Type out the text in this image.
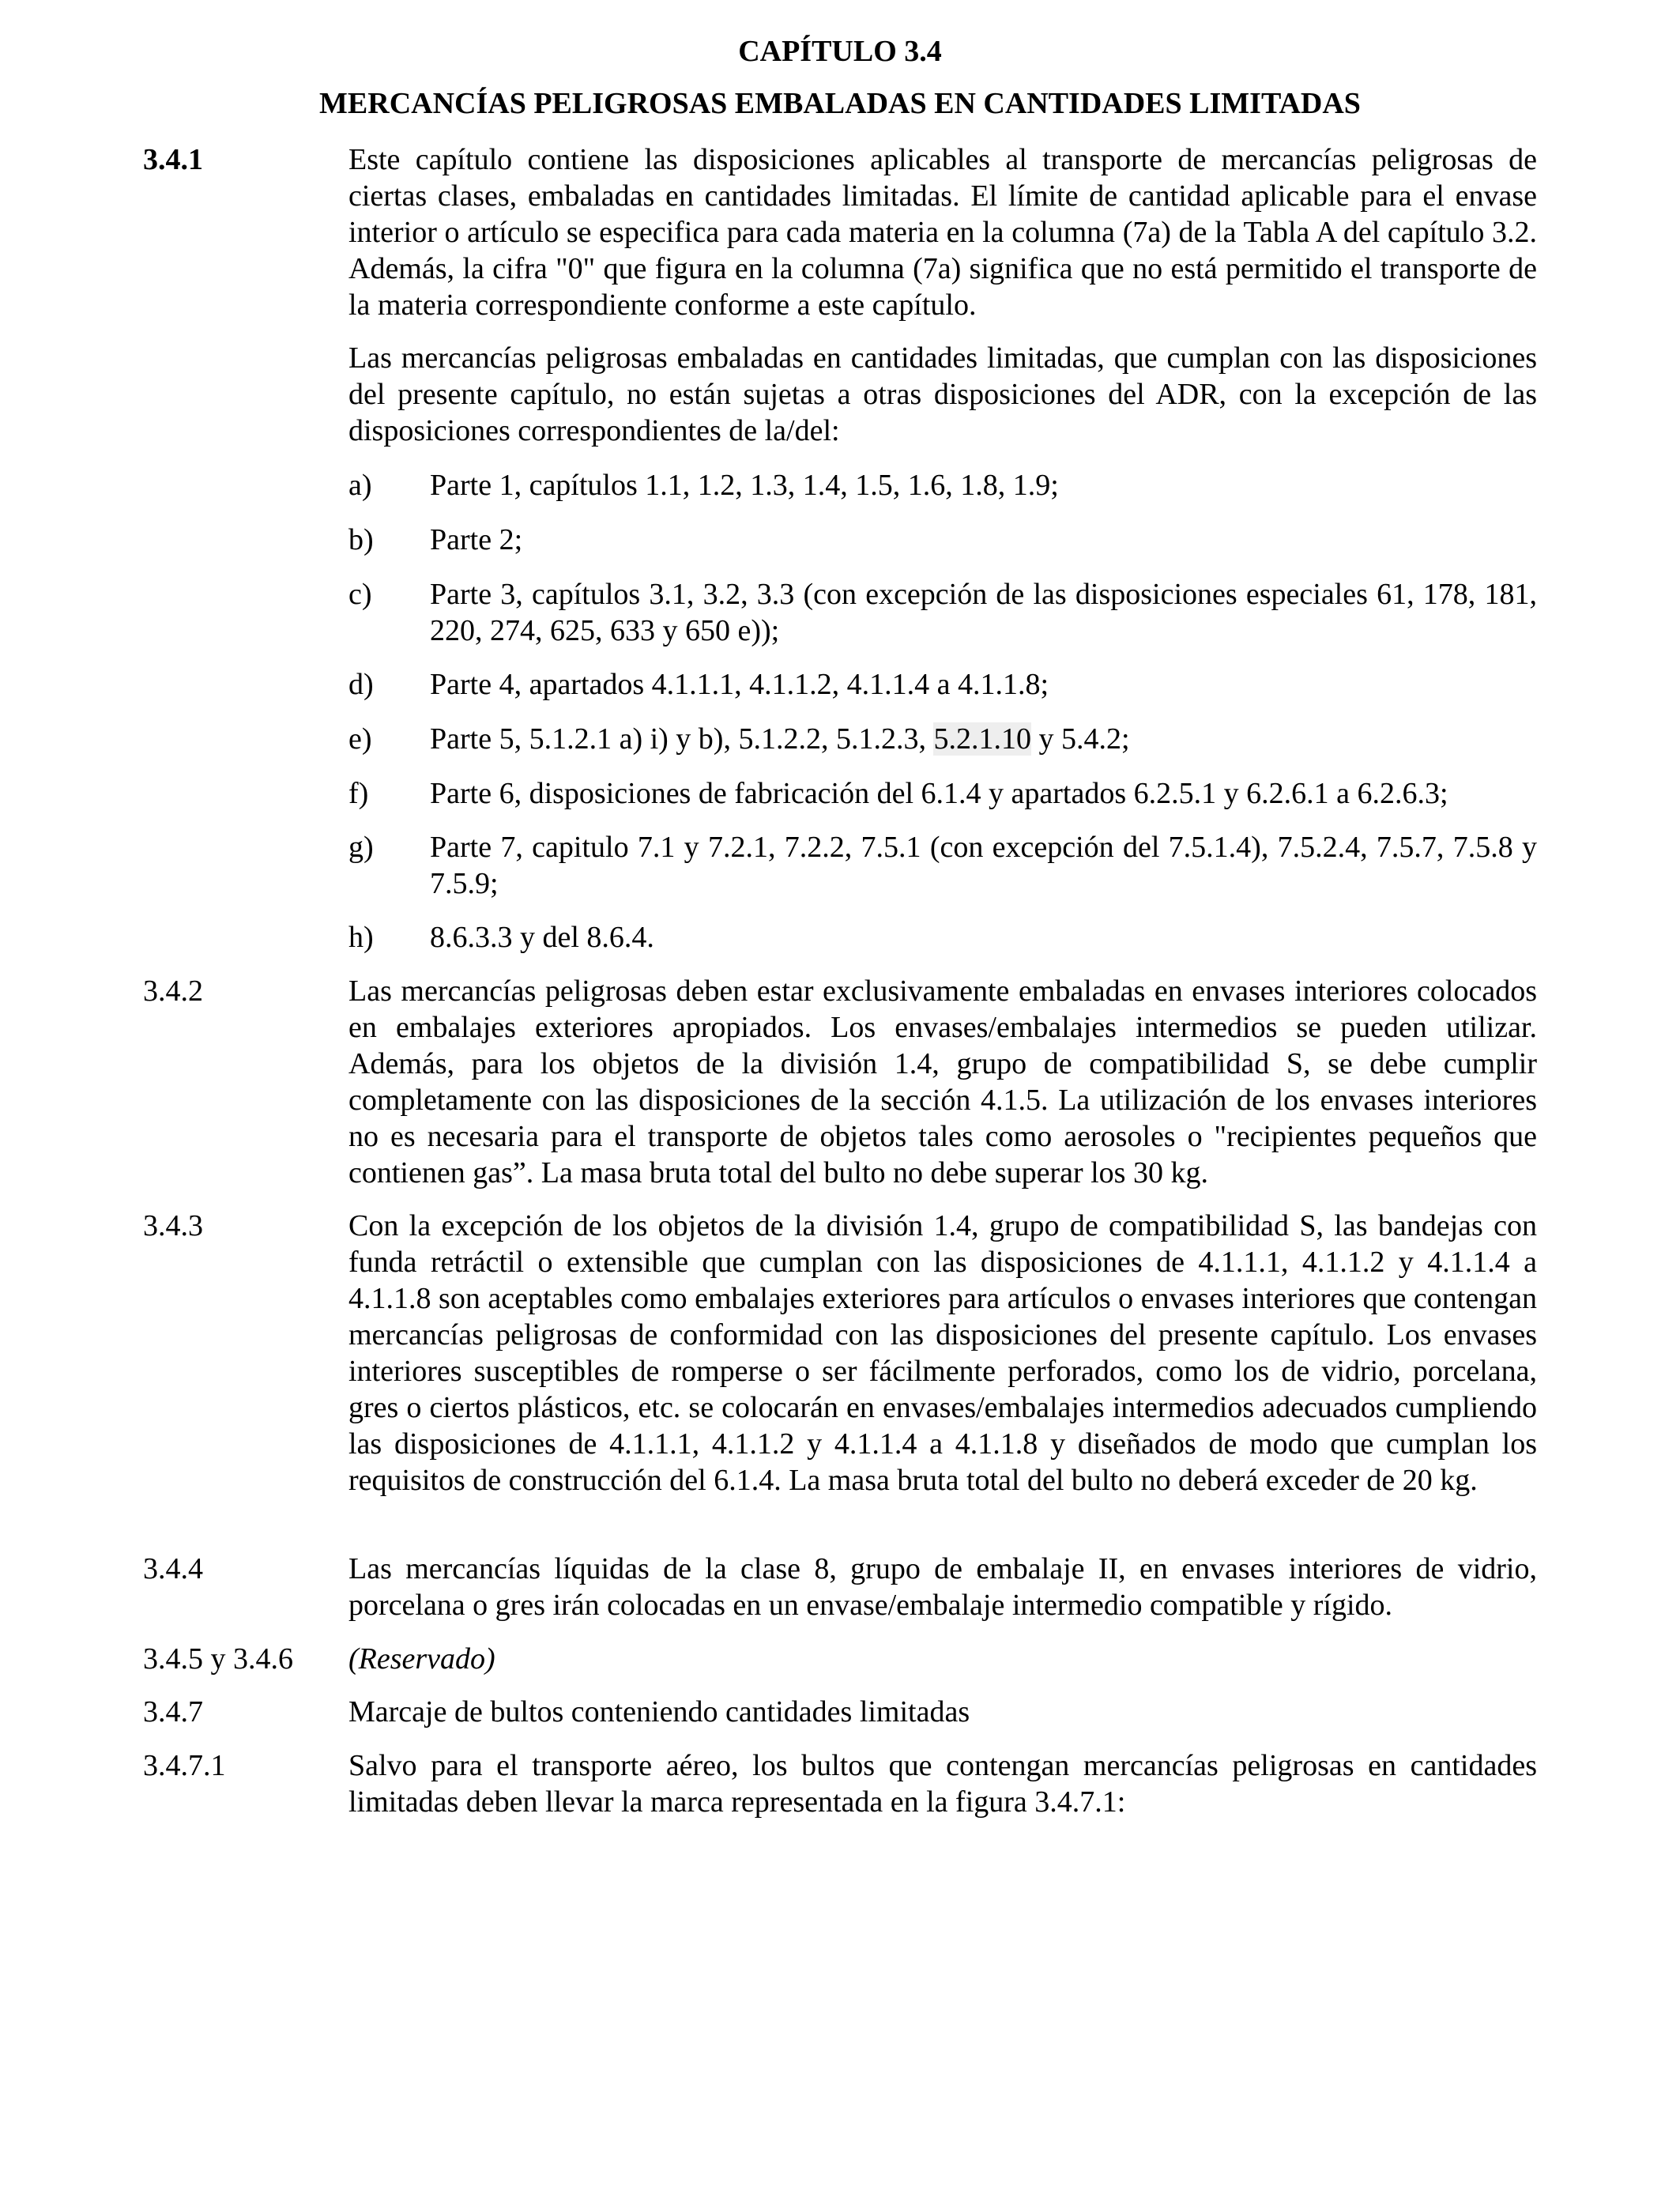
CAPÍTULO 3.4
MERCANCÍAS PELIGROSAS EMBALADAS EN CANTIDADES LIMITADAS
3.4.1	Este capítulo contiene las disposiciones aplicables al transporte de mercancías peligrosas de ciertas clases, embaladas en cantidades limitadas. El límite de cantidad aplicable para el envase interior o artículo se especifica para cada materia en la columna (7a) de la Tabla A del capítulo 3.2. Además, la cifra "0" que figura en la columna (7a) significa que no está permitido el transporte de la materia correspondiente conforme a este capítulo.

Las mercancías peligrosas embaladas en cantidades limitadas, que cumplan con las disposiciones del presente capítulo, no están sujetas a otras disposiciones del ADR, con la excepción de las disposiciones correspondientes de la/del:

a)	Parte 1, capítulos 1.1, 1.2, 1.3, 1.4, 1.5, 1.6, 1.8, 1.9;
b)	Parte 2;
c)	Parte 3, capítulos 3.1, 3.2, 3.3 (con excepción de las disposiciones especiales 61, 178, 181, 220, 274, 625, 633 y 650 e));
d)	Parte 4, apartados 4.1.1.1, 4.1.1.2, 4.1.1.4 a 4.1.1.8;
e)	Parte 5, 5.1.2.1 a) i) y b), 5.1.2.2, 5.1.2.3, 5.2.1.10 y 5.4.2;
f)	Parte 6, disposiciones de fabricación del 6.1.4 y apartados 6.2.5.1 y 6.2.6.1 a 6.2.6.3;
g)	Parte 7, capitulo 7.1 y 7.2.1, 7.2.2, 7.5.1 (con excepción del 7.5.1.4), 7.5.2.4, 7.5.7, 7.5.8 y 7.5.9;
h)	8.6.3.3 y del 8.6.4.
3.4.2	Las mercancías peligrosas deben estar exclusivamente embaladas en envases interiores colocados en embalajes exteriores apropiados. Los envases/embalajes intermedios se pueden utilizar. Además, para los objetos de la división 1.4, grupo de compatibilidad S, se debe cumplir completamente con las disposiciones de la sección 4.1.5. La utilización de los envases interiores no es necesaria para el transporte de objetos tales como aerosoles o "recipientes pequeños que contienen gas”. La masa bruta total del bulto no debe superar los 30 kg.

3.4.3	Con la excepción de los objetos de la división 1.4, grupo de compatibilidad S, las bandejas con funda retráctil o extensible que cumplan con las disposiciones de 4.1.1.1, 4.1.1.2 y 4.1.1.4 a 4.1.1.8 son aceptables como embalajes exteriores para artículos o envases interiores que contengan mercancías peligrosas de conformidad con las disposiciones del presente capítulo. Los envases interiores susceptibles de romperse o ser fácilmente perforados, como los de vidrio, porcelana, gres o ciertos plásticos, etc. se colocarán en envases/embalajes intermedios adecuados cumpliendo las disposiciones de 4.1.1.1, 4.1.1.2 y 4.1.1.4 a 4.1.1.8 y diseñados de modo que cumplan los requisitos de construcción del 6.1.4. La masa bruta total del bulto no deberá exceder de 20 kg.

3.4.4	Las mercancías líquidas de la clase 8, grupo de embalaje II, en envases interiores de vidrio, porcelana o gres irán colocadas en un envase/embalaje intermedio compatible y rígido.

3.4.5 y 3.4.6	(Reservado)

3.4.7	Marcaje de bultos conteniendo cantidades limitadas

3.4.7.1	Salvo para el transporte aéreo, los bultos que contengan mercancías peligrosas en cantidades limitadas deben llevar la marca representada en la figura 3.4.7.1:
